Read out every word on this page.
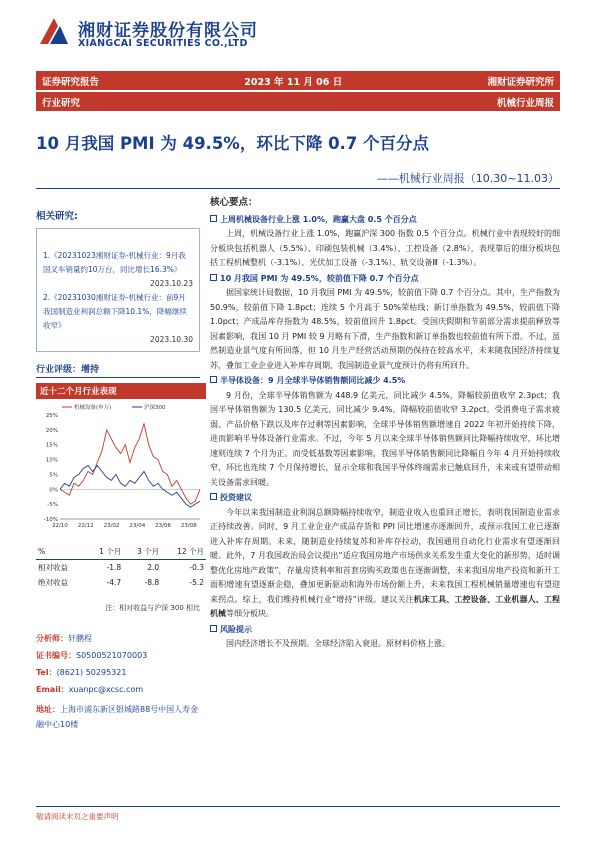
湘财证券股份有限公司
XIANGCAI SECURITIES CO.,LTD
证券研究报告	2023 年 11 月 06 日	湘财证券研究所
行业研究	机械行业周报
10 月我国 PMI 为 49.5%，环比下降 0.7 个百分点
——机械行业周报（10.30~11.03）
相关研究:
1.《20231023湘财证券-机械行业：9月我国叉车销量约10万台，同比增长16.3%》
2023.10.23
2.《20231030湘财证券-机械行业：前9月我国制造业利润总额下降10.1%，降幅继续收窄》
2023.10.30
行业评级：增持
近十二个月行业表现
25%
20%
15%
10%
5%
0%
-5%
-10%
22/10 22/12 23/02 23/04 23/06 23/08
机械设备(申万)	沪深300
%	1 个月	3 个月	12 个月
相对收益	-1.8	2.0	-0.3
绝对收益	-4.7	-8.8	-5.2
注：相对收益与沪深 300 相比
分析师：轩鹏程
证书编号：S0500521070003
Tel：(8621) 50295321
Email：xuanpc@xcsc.com
地址：上海市浦东新区银城路88号中国人寿金融中心10楼
核心要点：
上周机械设备行业上涨 1.0%，跑赢大盘 0.5 个百分点

上周，机械设备行业上涨 1.0%，跑赢沪深 300 指数 0.5 个百分点。机械行业中表现较好的细分板块包括机器人（5.5%）、印刷包装机械（3.4%）、工控设备（2.8%），表现靠后的细分板块包括工程机械整机（-3.1%）、光伏加工设备（-3.1%）、轨交设备Ⅲ（-1.3%）。

10 月我国 PMI 为 49.5%，较前值下降 0.7 个百分点

据国家统计局数据，10 月我国 PMI 为 49.5%，较前值下降 0.7 个百分点。其中，生产指数为 50.9%，较前值下降 1.8pct；连续 5 个月高于 50%荣枯线；新订单指数为 49.5%，较前值下降 1.0pct；产成品库存指数为 48.5%，较前值回升 1.8pct。受国庆假期和节前部分需求提前释放等因素影响，我国 10 月 PMI 较 9 月略有下滑，生产指数和新订单指数也较前值有所下滑。不过，虽然制造业景气度有所回落，但 10 月生产经营活动预期仍保持在较高水平，未来随我国经济持续复苏，叠加工业企业进入补库存周期，我国制造业景气度预计仍将有所回升。

半导体设备：9 月全球半导体销售额同比减少 4.5%

9 月份，全球半导体销售额为 448.9 亿美元，同比减少 4.5%，降幅较前值收窄 2.3pct；我国半导体销售额为 130.5 亿美元，同比减少 9.4%，降幅较前值收窄 3.2pct。受消费电子需求疲弱、产品价格下跌以及库存过剩等因素影响，全球半导体销售额增速自 2022 年初开始持续下降，进而影响半导体设备行业需求。不过，今年 5 月以来全球半导体销售额同比降幅持续收窄，环比增速则连续 7 个月为正。而受低基数等因素影响，我国半导体销售额同比降幅自今年 4 月开始持续收窄，环比也连续 7 个月保持增长，显示全球和我国半导体终端需求已触底回升，未来或有望带动相关设备需求回暖。

投资建议

今年以来我国制造业利润总额降幅持续收窄，制造业收入也重回正增长，表明我国制造业需求正持续改善。同时，9 月工业企业产成品存货和 PPI 同比增速亦逐渐回升，或预示我国工业已逐渐进入补库存周期。未来，随制造业持续复苏和补库存拉动，我国通用自动化行业需求有望逐渐回暖。此外，7 月我国政治局会议提出“适应我国房地产市场供求关系发生重大变化的新形势，适时调整优化房地产政策”，存量房贷利率和首套房购买政策也在逐渐调整，未来我国房地产投资和新开工面积增速有望逐渐企稳，叠加更新驱动和海外市场份额上升，未来我国工程机械销量增速也有望迎来拐点。综上，我们维持机械行业“增持”评级。建议关注机床工具、工控设备、工业机器人、工程机械等细分板块。

风险提示

国内经济增长不及预期。全球经济陷入衰退。原材料价格上涨。

敬请阅读末页之重要声明
